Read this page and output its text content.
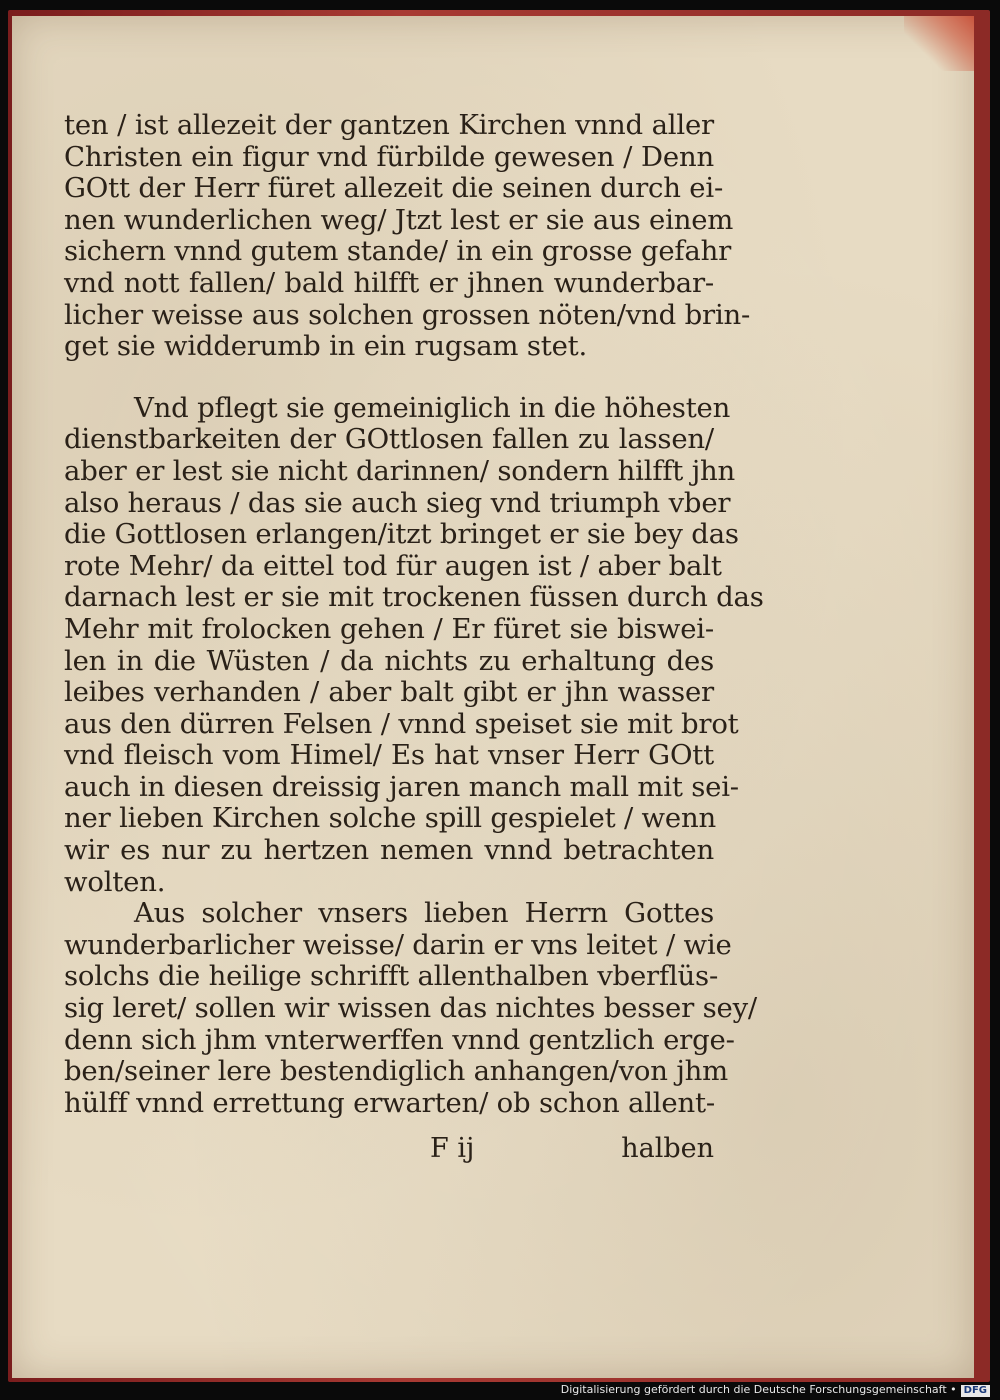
ten / ist allezeit der gantzen Kirchen vnnd aller
Christen ein figur vnd fürbilde gewesen / Denn
GOtt der Herr füret allezeit die seinen durch ei-
nen wunderlichen weg/ Jtzt lest er sie aus einem
sichern vnnd gutem stande/ in ein grosse gefahr
vnd nott fallen/ bald hilfft er jhnen wunderbar-
licher weisse aus solchen grossen nöten/vnd brin-
get sie widderumb in ein rugsam stet.
Vnd pflegt sie gemeiniglich in die höhesten
dienstbarkeiten der GOttlosen fallen zu lassen/
aber er lest sie nicht darinnen/ sondern hilfft jhn
also heraus / das sie auch sieg vnd triumph vber
die Gottlosen erlangen/itzt bringet er sie bey das
rote Mehr/ da eittel tod für augen ist / aber balt
darnach lest er sie mit trockenen füssen durch das
Mehr mit frolocken gehen / Er füret sie biswei-
len in die Wüsten / da nichts zu erhaltung des
leibes verhanden / aber balt gibt er jhn wasser
aus den dürren Felsen / vnnd speiset sie mit brot
vnd fleisch vom Himel/ Es hat vnser Herr GOtt
auch in diesen dreissig jaren manch mall mit sei-
ner lieben Kirchen solche spill gespielet / wenn
wir es nur zu hertzen nemen vnnd betrachten
wolten.
Aus solcher vnsers lieben Herrn Gottes
wunderbarlicher weisse/ darin er vns leitet / wie
solchs die heilige schrifft allenthalben vberflüs-
sig leret/ sollen wir wissen das nichtes besser sey/
denn sich jhm vnterwerffen vnnd gentzlich erge-
ben/seiner lere bestendiglich anhangen/von jhm
hülff vnnd errettung erwarten/ ob schon allent-
F ij	halben
Digitalisierung gefördert durch die Deutsche Forschungsgemeinschaft • DFG
